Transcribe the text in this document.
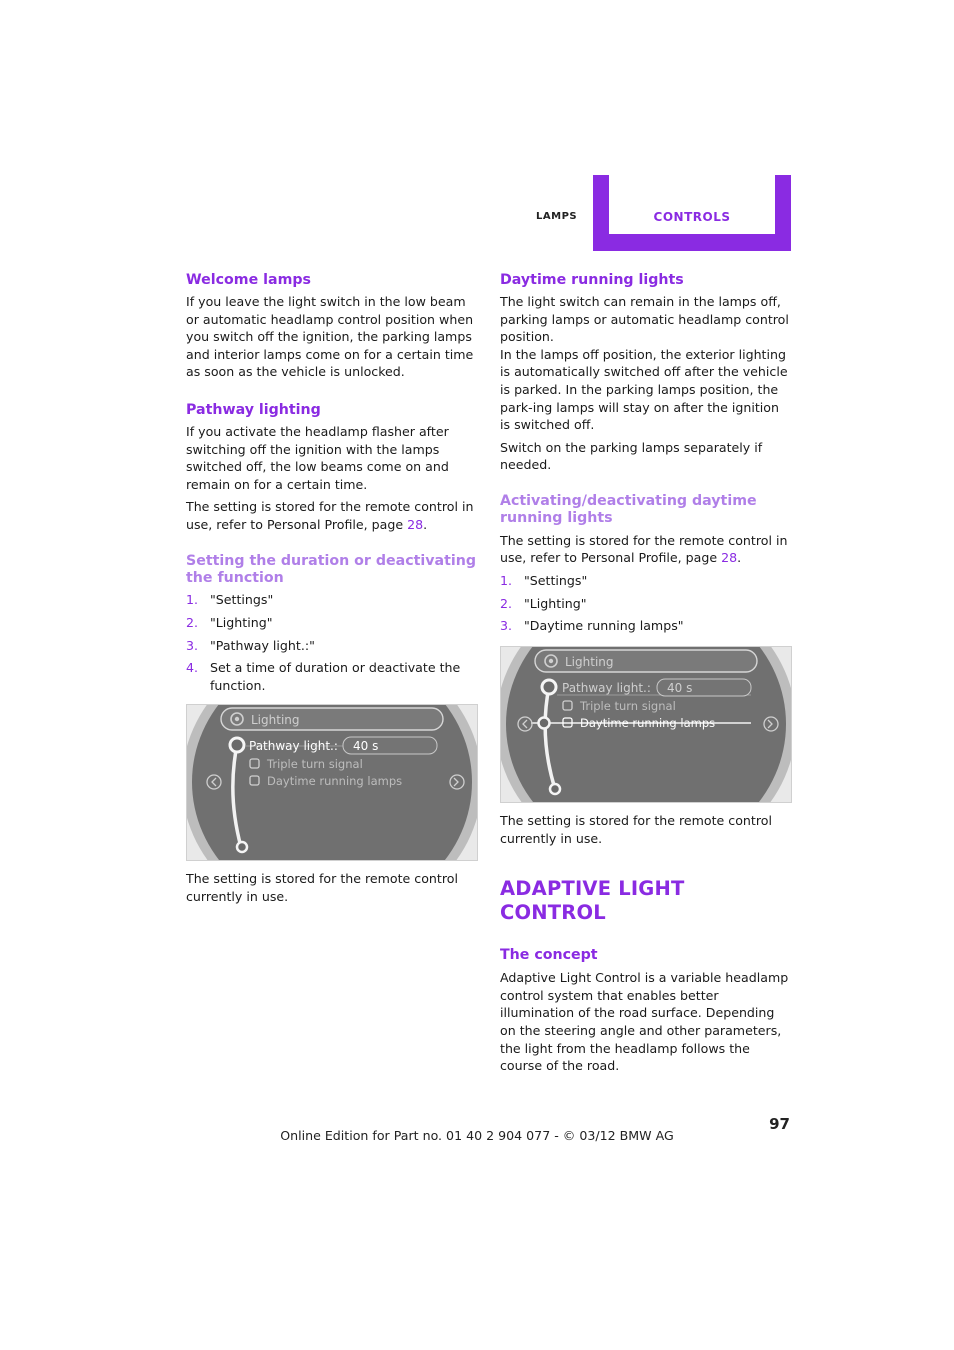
LAMPS	CONTROLS
Welcome lamps

If you leave the light switch in the low beam or automatic headlamp control position when you switch off the ignition, the parking lamps and interior lamps come on for a certain time as soon as the vehicle is unlocked.

Pathway lighting

If you activate the headlamp flasher after switching off the ignition with the lamps switched off, the low beams come on and remain on for a certain time.

The setting is stored for the remote control in use, refer to Personal Profile, page 28.

Setting the duration or deactivating the function
1. "Settings"
2. "Lighting"
3. "Pathway light.:"
4. Set a time of duration or deactivate the function.
Lighting
Pathway light.: 40 s
Triple turn signal
Daytime running lamps

The setting is stored for the remote control currently in use.

Daytime running lights

The light switch can remain in the lamps off, parking lamps or automatic headlamp control position.

In the lamps off position, the exterior lighting is automatically switched off after the vehicle is parked. In the parking lamps position, the park-ing lamps will stay on after the ignition is switched off.

Switch on the parking lamps separately if needed.

Activating/deactivating daytime running lights

The setting is stored for the remote control in use, refer to Personal Profile, page 28.

1. "Settings"
2. "Lighting"
3. "Daytime running lamps"
Lighting
Pathway light.: 40 s
Triple turn signal
Daytime running lamps

The setting is stored for the remote control currently in use.

ADAPTIVE LIGHT CONTROL
The concept

Adaptive Light Control is a variable headlamp control system that enables better illumination of the road surface. Depending on the steering angle and other parameters, the light from the headlamp follows the course of the road.

97
Online Edition for Part no. 01 40 2 904 077 - © 03/12 BMW AG
